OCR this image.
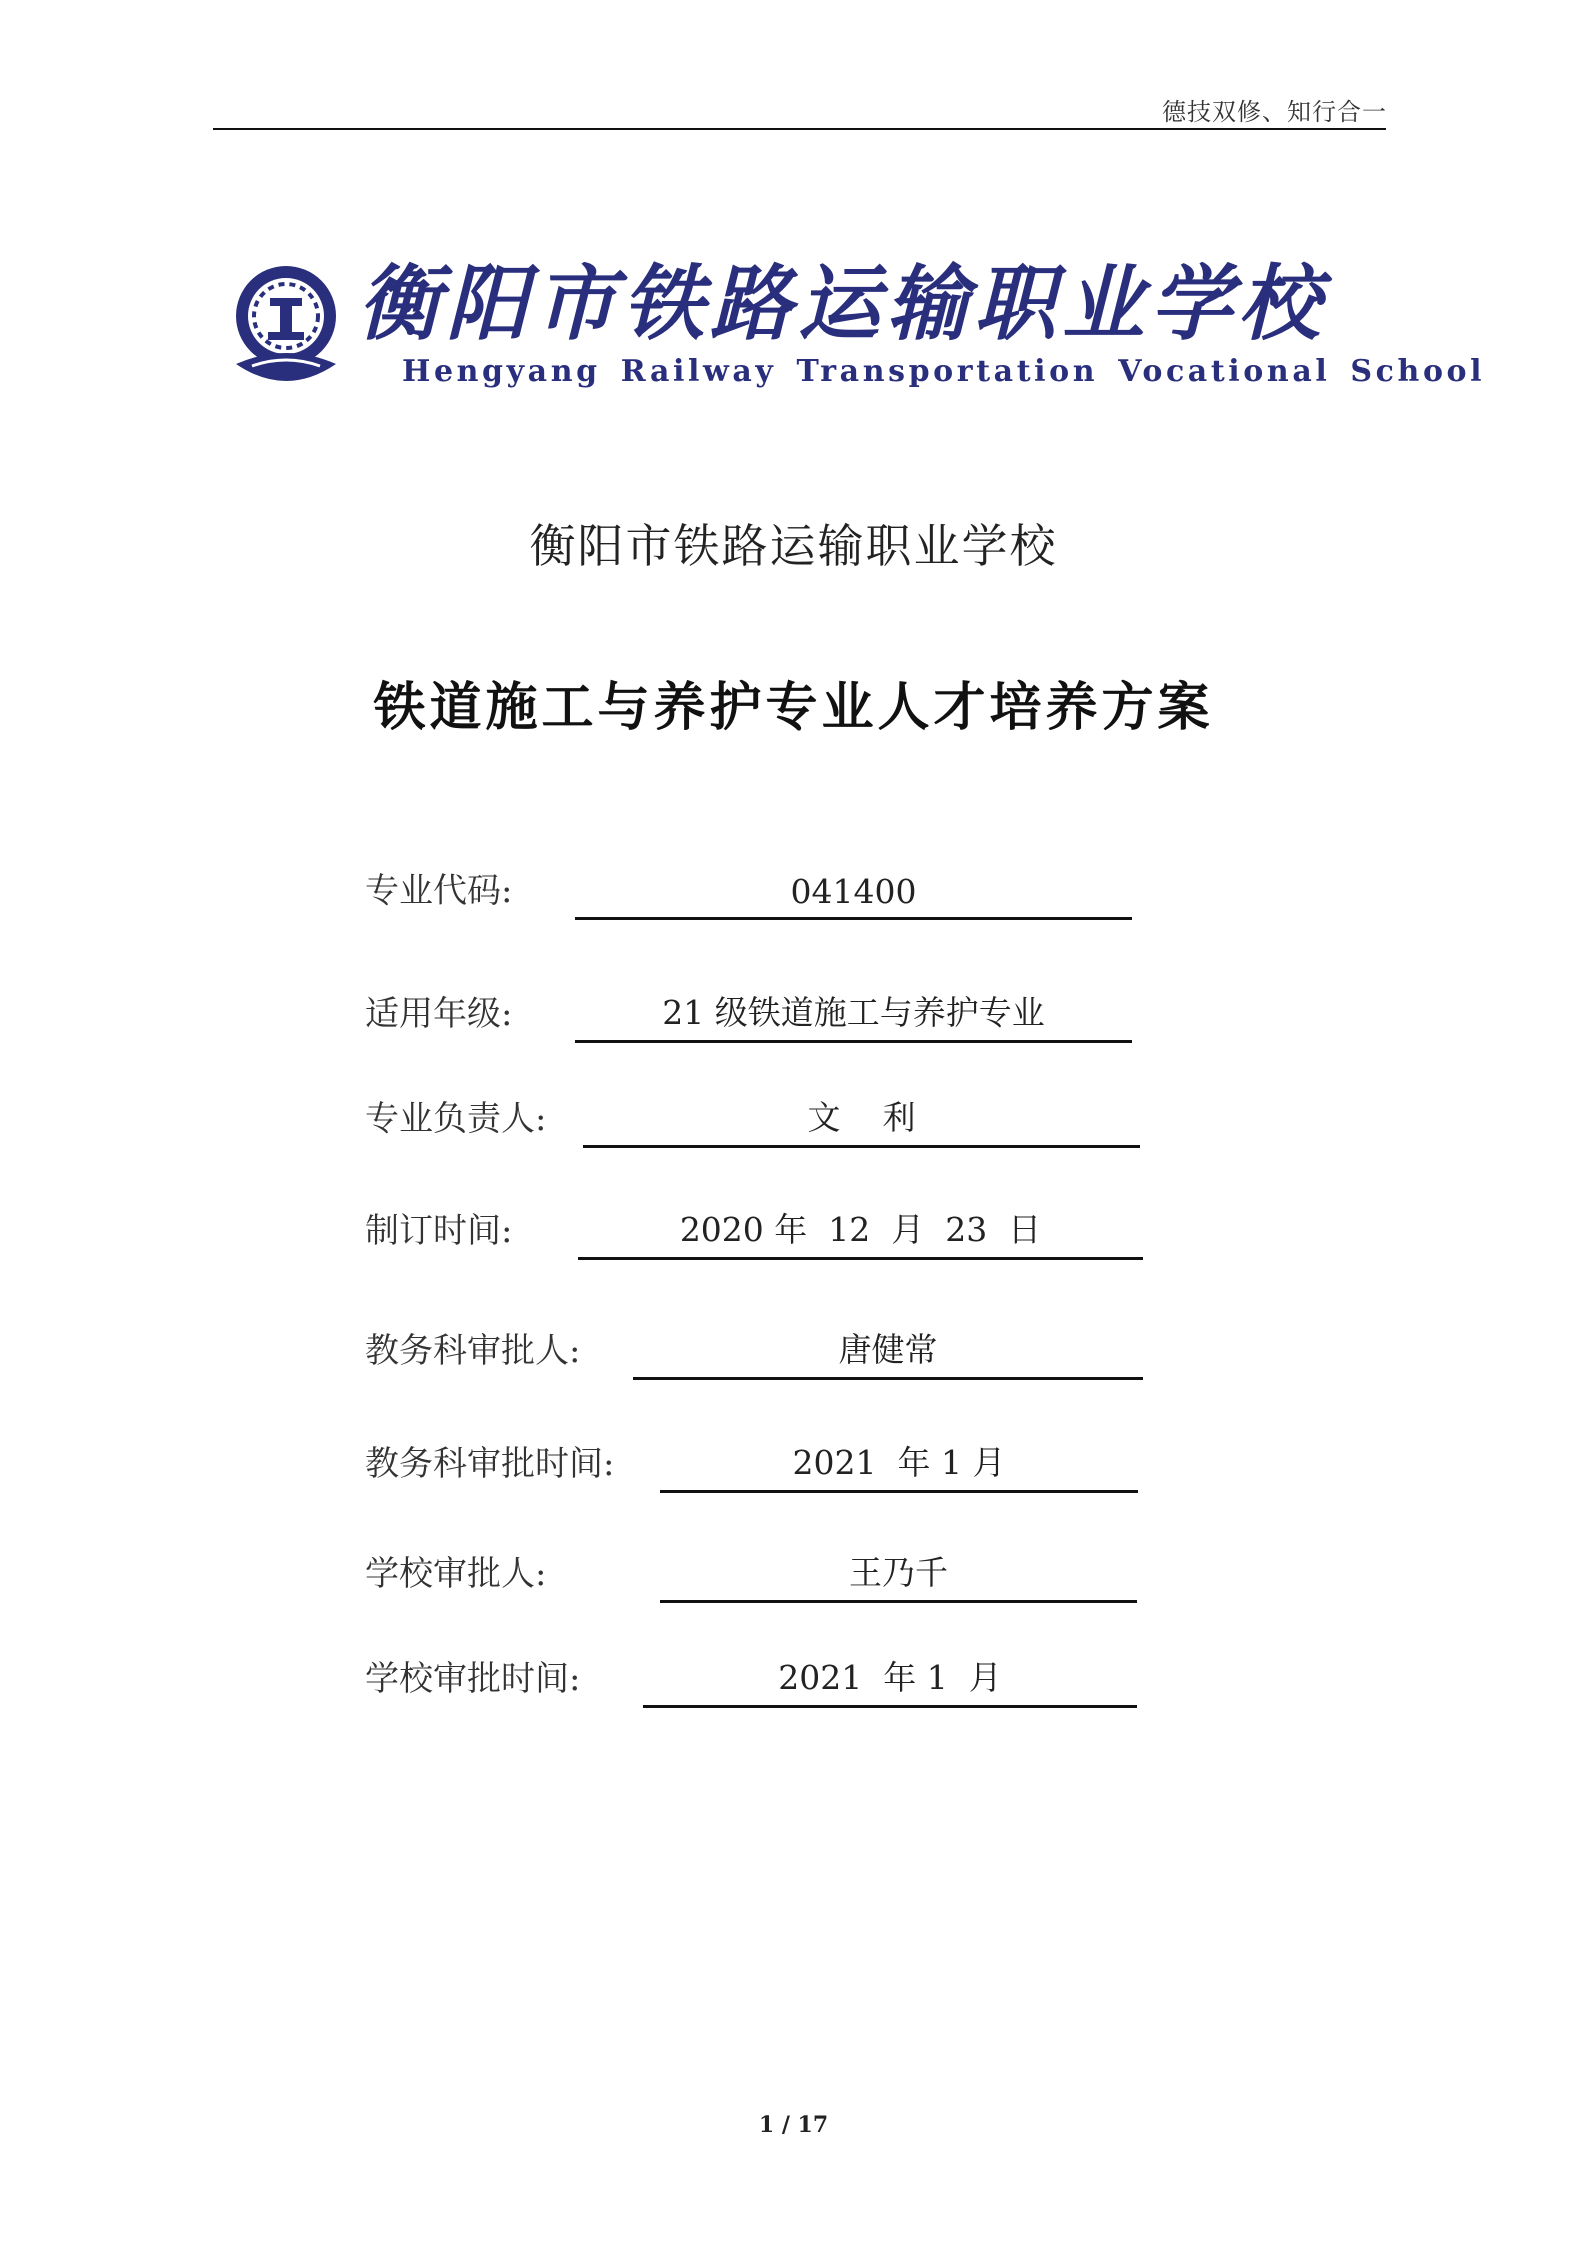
德技双修、知行合一
衡阳市铁路运输职业学校
Hengyang Railway Transportation Vocational School
衡阳市铁路运输职业学校
铁道施工与养护专业人才培养方案
专业代码:	041400
适用年级:	21 级铁道施工与养护专业
专业负责人:	文    利
制订时间:	2020 年  12  月  23  日
教务科审批人:	唐健常
教务科审批时间:	2021  年 1 月
学校审批人:	王乃千
学校审批时间:	2021  年 1  月
1 / 17
